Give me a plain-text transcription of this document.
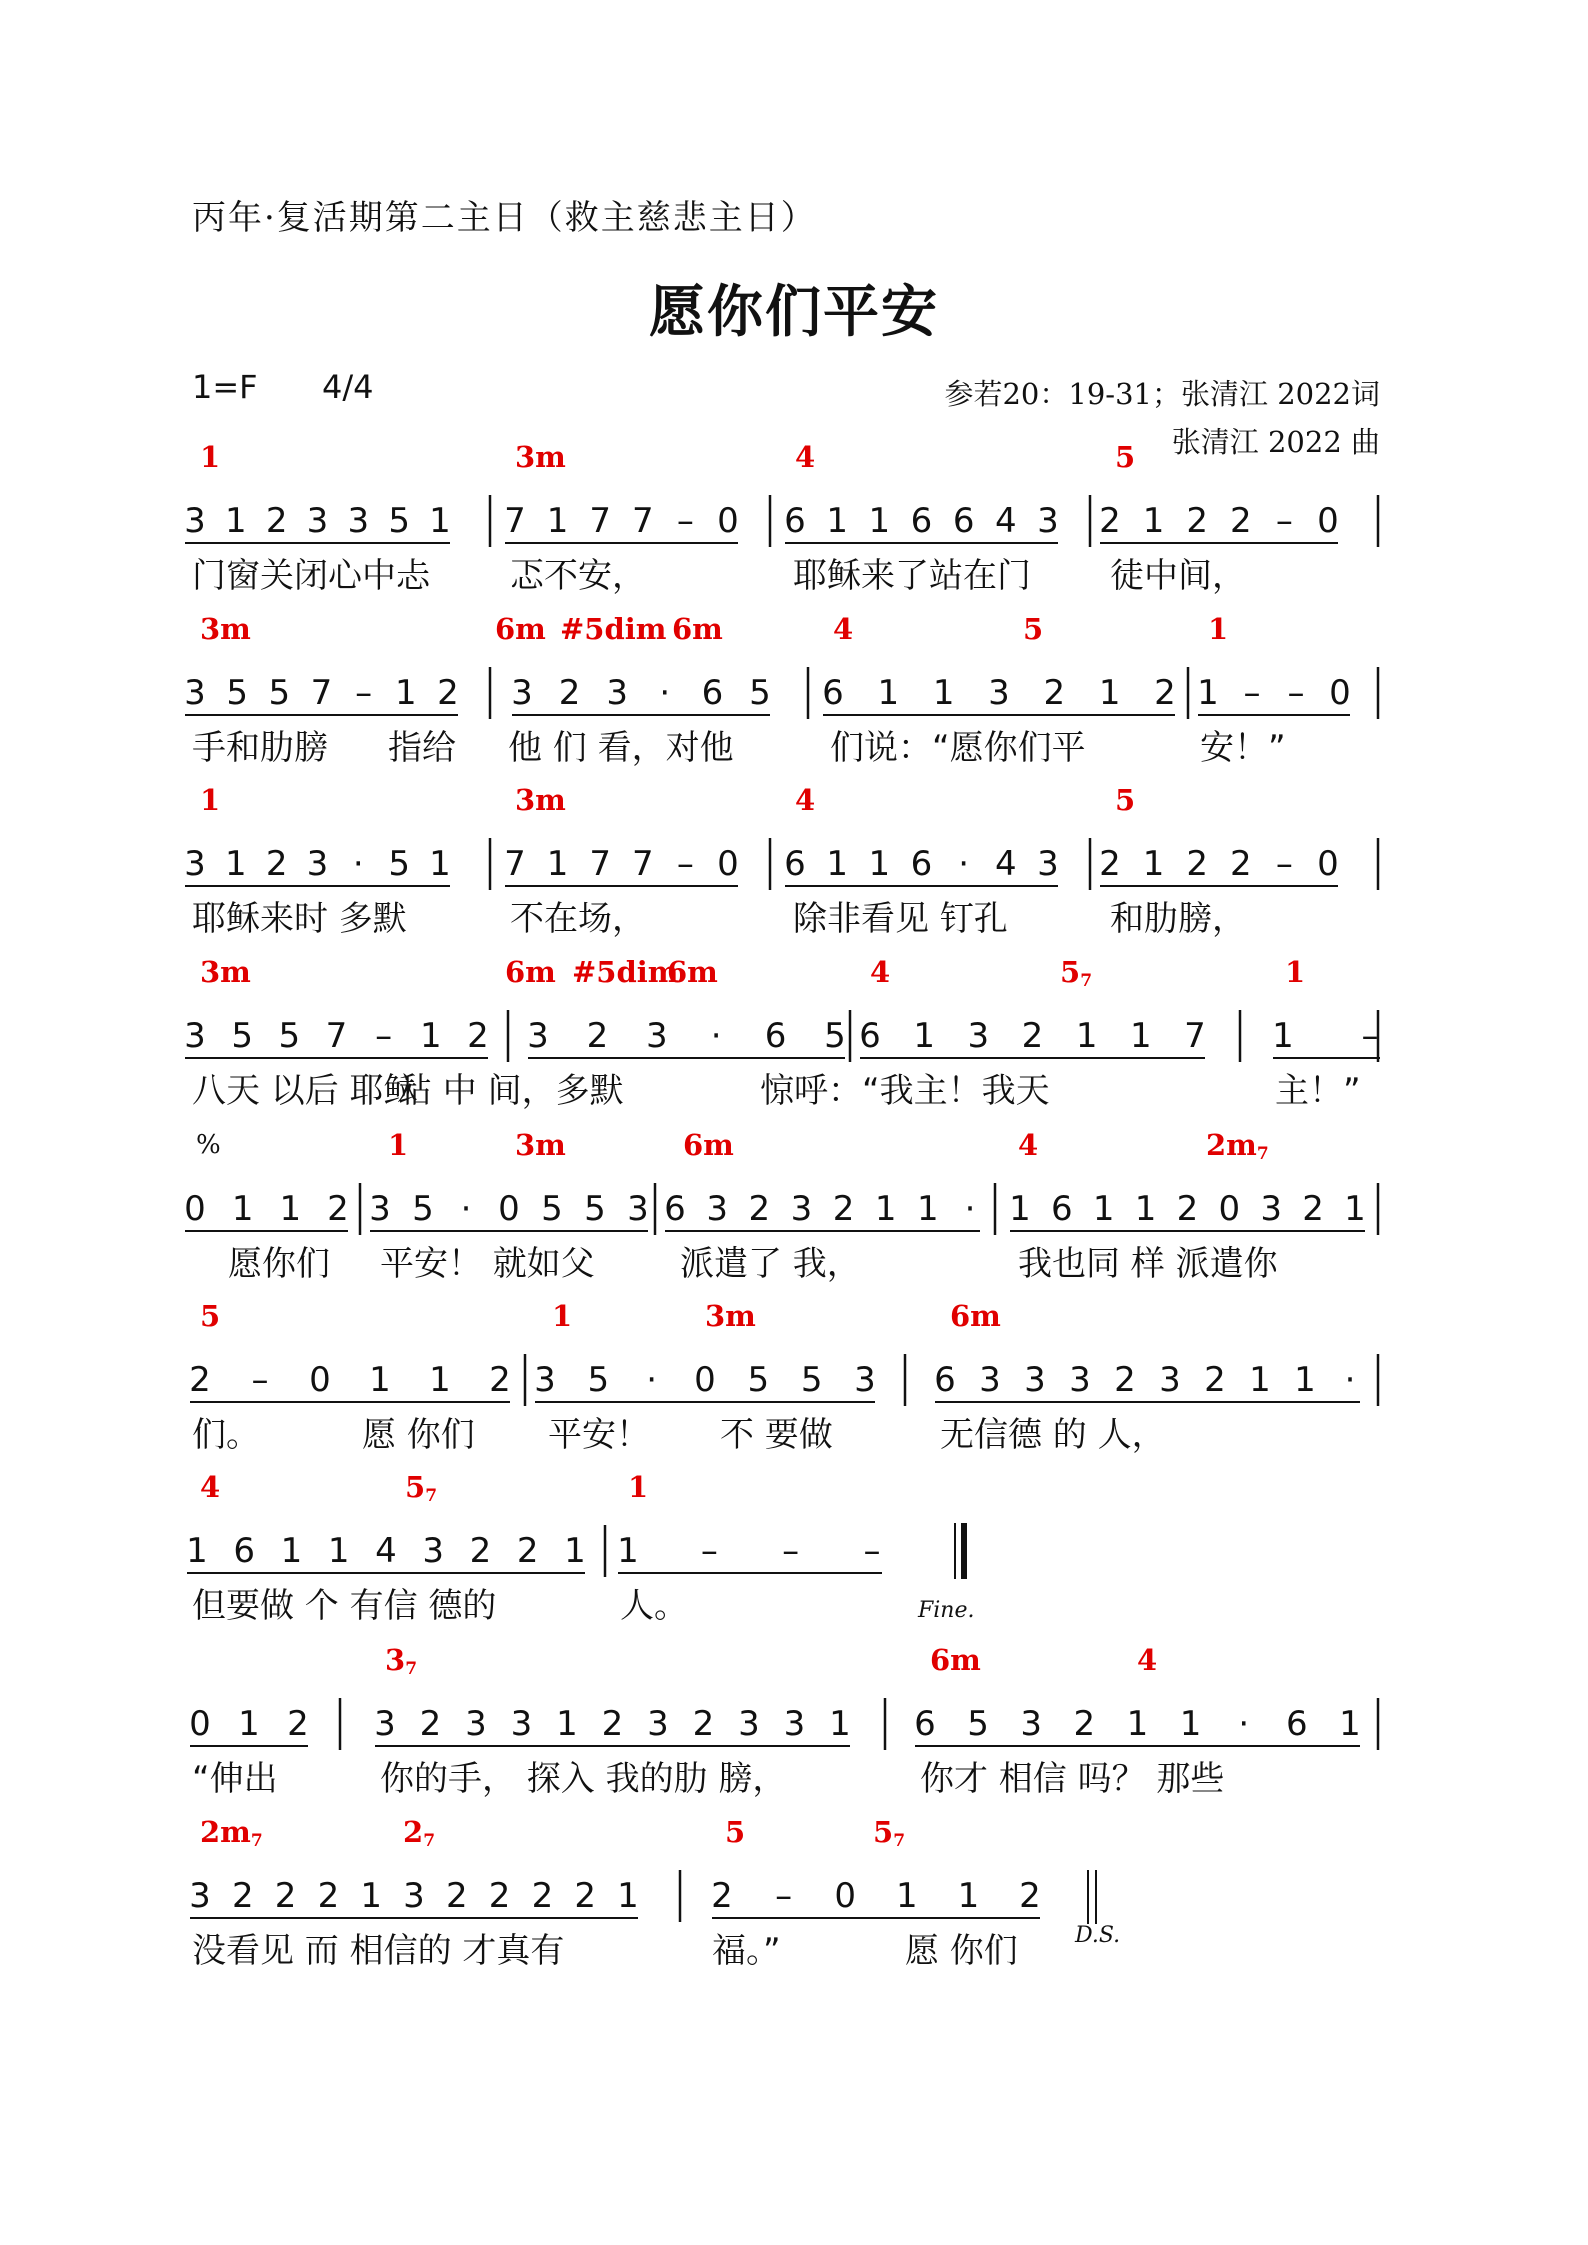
丙年·复活期第二主日（救主慈悲主日）
愿你们平安
1=F 4/4	参若20：19-31；张清江 2022词
张清江 2022 曲
1	3m	4	5
3 1 2 3 3 5 1 7 1 7 7 – 0 6 1 1 6 6 4 3 2 1 2 2 – 0
门窗关闭心中忐 忑不安，	耶稣来了站在门 徒中间，
3m	6m #5dim 6m	4	5	1
3 5 5 7 – 1 2 3 2 3 · 6 5 6 1 1 3 2 1 2 1 – – 0
手和肋膀 指给 他 们 看，对他	们说：“愿你们平	安！”
1	3m	4	5
3 1 2 3 · 5 1 7 1 7 7 – 0 6 1 1 6 · 4 3 2 1 2 2 – 0
耶稣来时 多默	不在场，	除非看见 钉孔	和肋膀，
3m	6m #5dim
6m	4	57	1
3 5 5 7 – 1 2 3 2 3 · 6 5 6 1 3 2 1 1 7 1 –
八天 以后 耶稣
站 中 间，多默	惊呼：“我主！我天	主！”
%	1	3m	6m	4	2m7
0 1 1 2 3 5 · 0 5 5 3 6 3 2 3 2 1 1 · 1 6 1 1 2 0 3 2 1
愿你们 平安！ 就如父	派遣了 我，	我也同 样 派遣你
5	1	3m	6m
2 – 0 1 1 2 3 5 · 0 5 5 3 6 3 3 3 2 3 2 1 1 ·
们。	愿 你们 平安！ 不 要做	无信德 的 人，
4	57	1
1 6 1 1 4 3 2 2 1 1 – – –
但要做 个 有信 德的	人。	Fine.
37	6m	4
0 1 2 3 2 3 3 1 2 3 2 3 3 1 6 5 3 2 1 1 · 6 1
“伸出	你的手， 探入 我的肋 膀，	你才 相信 吗？ 那些
2m7	27	5	57
3 2 2 2 1 3 2 2 2 2 1 2 – 0 1 1 2
没看见 而 相信的 才真有	福。”	愿 你们	D.S.
